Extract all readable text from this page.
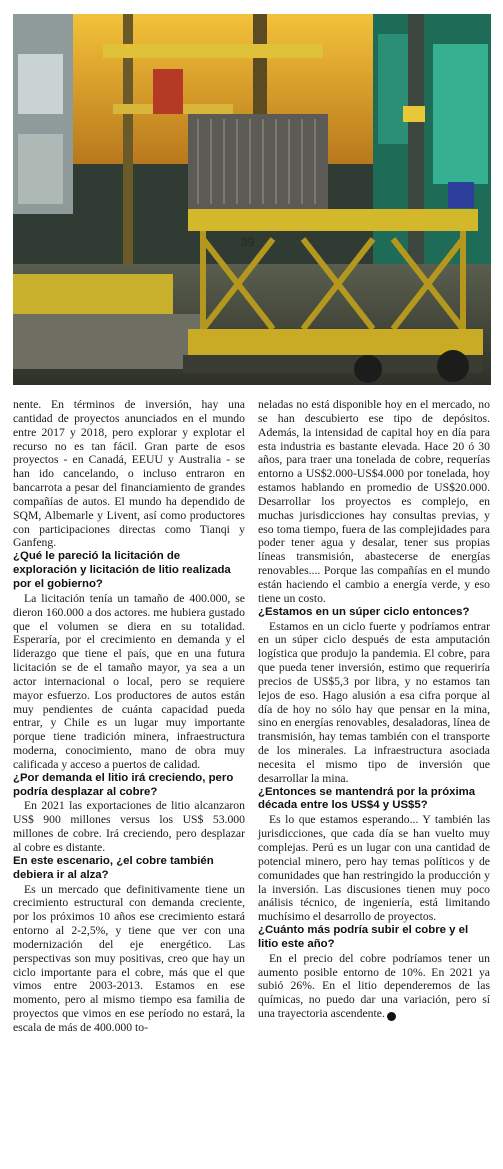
39

nente. En términos de inversión, hay una cantidad de proyectos anunciados en el mundo entre 2017 y 2018, pero explorar y explotar el recurso no es tan fácil. Gran parte de esos proyectos - en Canadá, EEUU y Australia - se han ido cancelando, o incluso entraron en bancarrota a pesar del financiamiento de grandes compañías de autos. El mundo ha dependido de SQM, Albemarle y Livent, así como productores con participaciones directas como Tianqi y Ganfeng.

¿Qué le pareció la licitación de exploración y licitación de litio realizada por el gobierno?

La licitación tenía un tamaño de 400.000, se dieron 160.000 a dos actores. me hubiera gustado que el volumen se diera en su totalidad. Esperaría, por el crecimiento en demanda y el liderazgo que tiene el país, que en una futura licitación se de el tamaño mayor, ya sea a un actor internacional o local, pero se requiere mayor esfuerzo. Los productores de autos están muy pendientes de cuánta capacidad pueda entrar, y Chile es un lugar muy importante porque tiene tradición minera, infraestructura moderna, conocimiento, mano de obra muy calificada y acceso a puertos de calidad.

¿Por demanda el litio irá creciendo, pero podría desplazar al cobre?

En 2021 las exportaciones de litio alcanzaron US$ 900 millones versus los US$ 53.000 millones de cobre. Irá creciendo, pero desplazar al cobre es distante.

En este escenario, ¿el cobre también debiera ir al alza?

Es un mercado que definitivamente tiene un crecimiento estructural con demanda creciente, por los próximos 10 años ese crecimiento estará entorno al 2-2,5%, y tiene que ver con una modernización del eje energético. Las perspectivas son muy positivas, creo que hay un ciclo importante para el cobre, más que el que vimos entre 2003-2013. Estamos en ese momento, pero al mismo tiempo esa familia de proyectos que vimos en ese período no estará, la escala de más de 400.000 to-

neladas no está disponible hoy en el mercado, no se han descubierto ese tipo de depósitos. Además, la intensidad de capital hoy en día para esta industria es bastante elevada. Hace 20 ó 30 años, para traer una tonelada de cobre, requerías entorno a US$2.000-US$4.000 por tonelada, hoy estamos hablando en promedio de US$20.000. Desarrollar los proyectos es complejo, en muchas jurisdicciones hay consultas previas, y eso toma tiempo, fuera de las complejidades para poder tener agua y desalar, tener sus propias líneas transmisión, abastecerse de energías renovables.... Porque las compañías en el mundo están haciendo el cambio a energía verde, y eso tiene un costo.

¿Estamos en un súper ciclo entonces?

Estamos en un ciclo fuerte y podríamos entrar en un súper ciclo después de esta amputación logística que produjo la pandemia. El cobre, para que pueda tener inversión, estimo que requeriría precios de US$5,3 por libra, y no estamos tan lejos de eso. Hago alusión a esa cifra porque al día de hoy no sólo hay que pensar en la mina, sino en energías renovables, desaladoras, línea de transmisión, hay temas también con el transporte de los minerales. La infraestructura asociada necesita el mismo tipo de inversión que desarrollar la mina.

¿Entonces se mantendrá por la próxima década entre los US$4 y US$5?

Es lo que estamos esperando... Y también las jurisdicciones, que cada día se han vuelto muy complejas. Perú es un lugar con una cantidad de potencial minero, pero hay temas políticos y de comunidades que han restringido la producción y la inversión. Las discusiones tienen muy poco análisis técnico, de ingeniería, está limitando muchísimo el desarrollo de proyectos.

¿Cuánto más podría subir el cobre y el litio este año?

En el precio del cobre podríamos tener un aumento posible entorno de 10%. En 2021 ya subió 26%. En el litio dependeremos de las químicas, no puedo dar una variación, pero sí una trayectoria ascendente. P
